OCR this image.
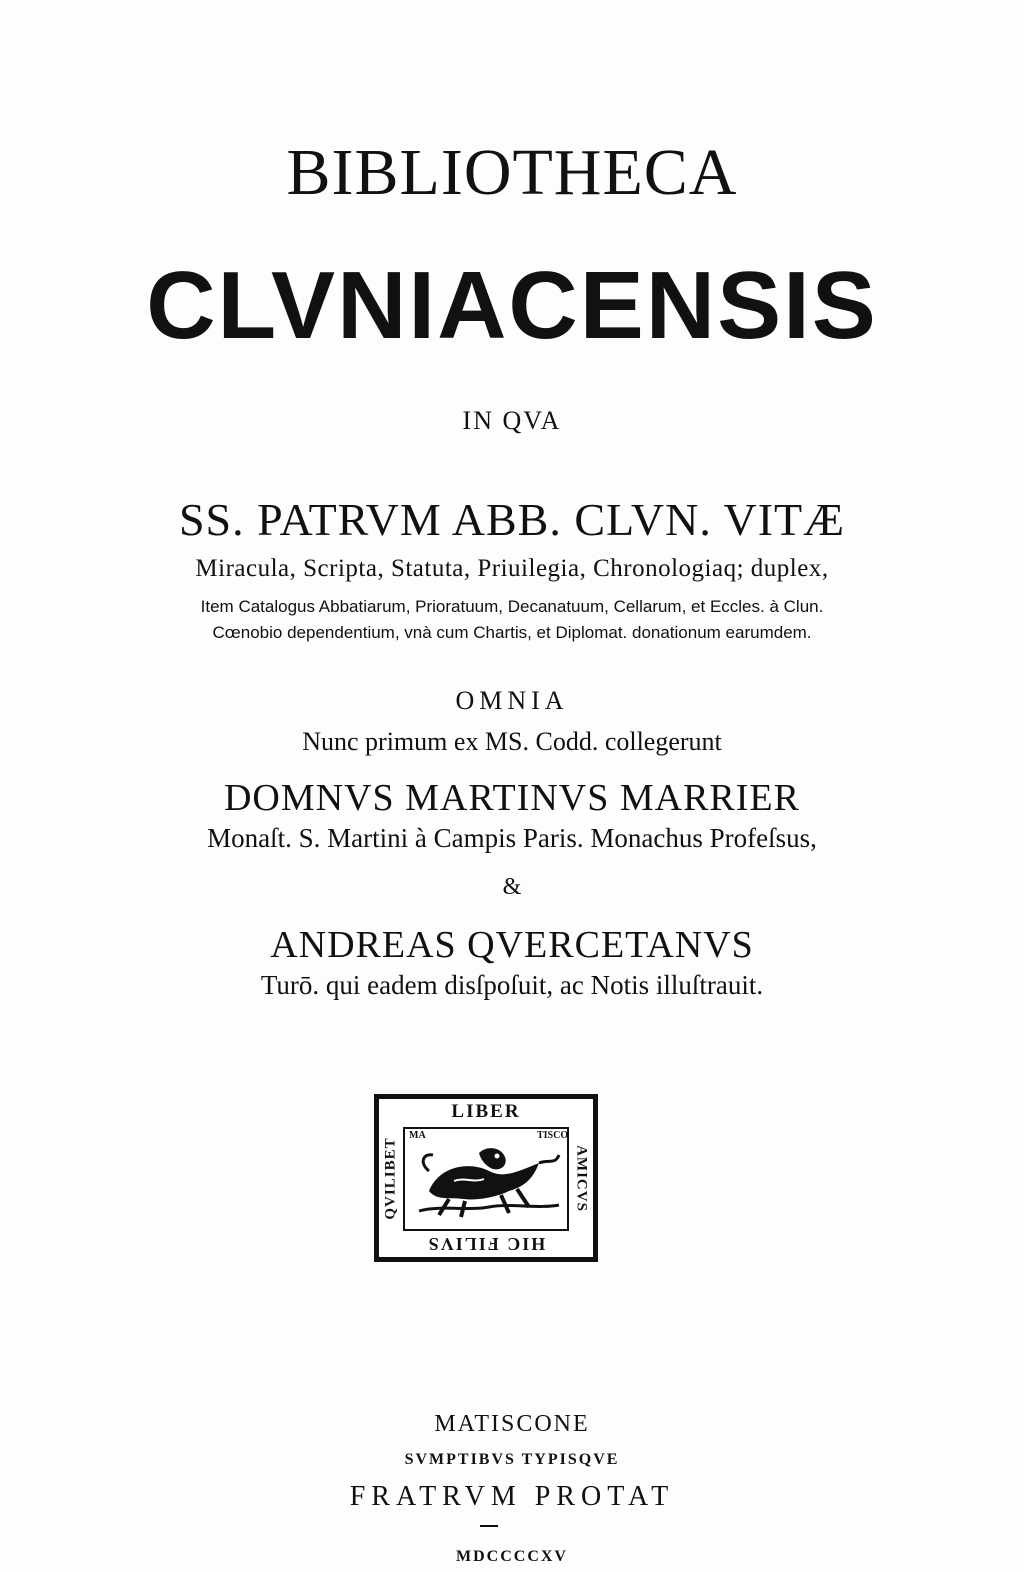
BIBLIOTHECA
CLVNIACENSIS
IN QVA
SS. PATRVM ABB. CLVN. VITÆ
Miracula, Scripta, Statuta, Priuilegia, Chronologiaq; duplex,
Item Catalogus Abbatiarum, Prioratuum, Decanatuum, Cellarum, et Eccles. à Clun.
Cœnobio dependentium, vnà cum Chartis, et Diplomat. donationum earumdem.
OMNIA
Nunc primum ex MS. Codd. collegerunt
DOMNVS MARTINVS MARRIER
Monaſt. S. Martini à Campis Paris. Monachus Profeſsus,
&
ANDREAS QVERCETANVS
Turō. qui eadem disſpoſuit, ac Notis illuſtrauit.
LIBER
QVILIBET	AMICVS
HIC FILIVS
MA	TISCO
MATISCONE
SVMPTIBVS TYPISQVE
FRATRVM PROTAT
MDCCCCXV
